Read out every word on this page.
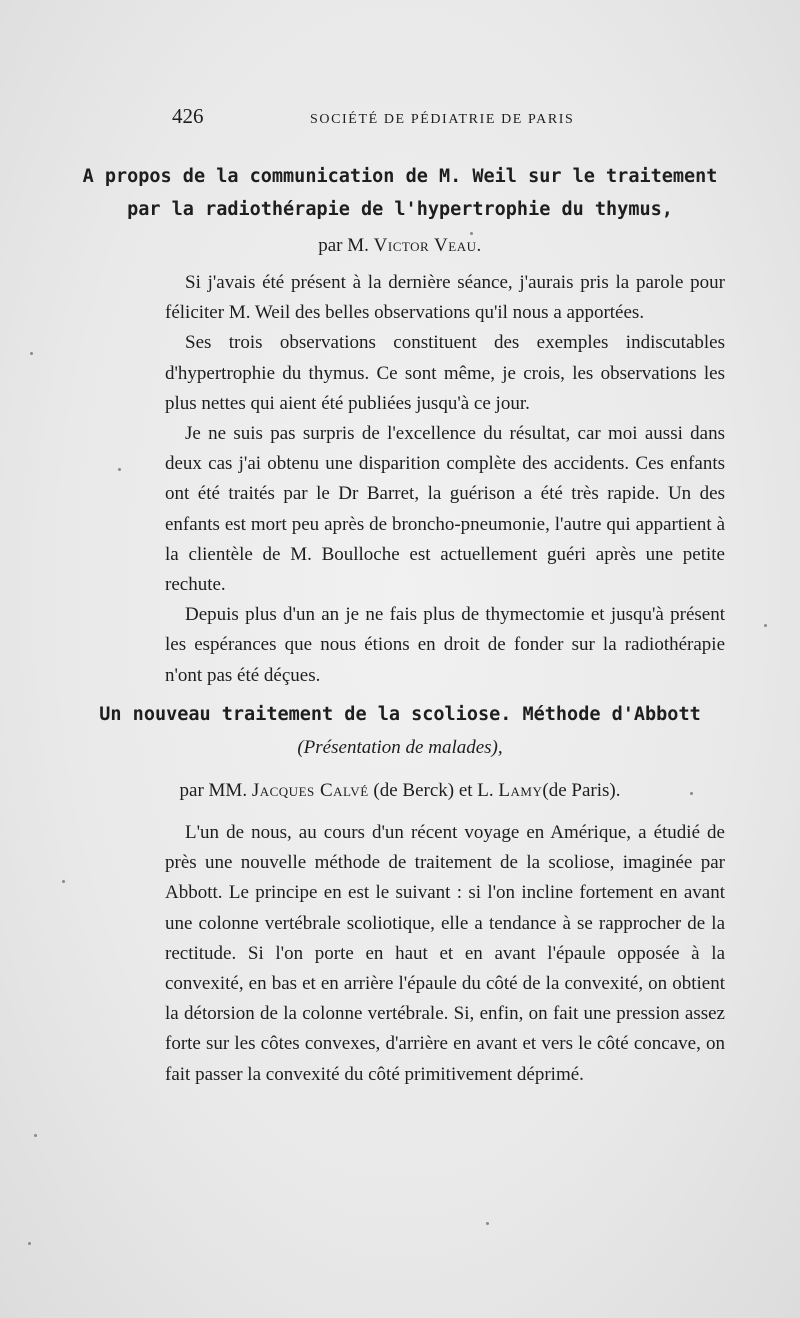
426	SOCIÉTÉ DE PÉDIATRIE DE PARIS
A propos de la communication de M. Weil sur le traitement
par la radiothérapie de l'hypertrophie du thymus,
par M. Victor Veau.

Si j'avais été présent à la dernière séance, j'aurais pris la parole pour féliciter M. Weil des belles observations qu'il nous a apportées.

Ses trois observations constituent des exemples indiscutables d'hypertrophie du thymus. Ce sont même, je crois, les observations les plus nettes qui aient été publiées jusqu'à ce jour.

Je ne suis pas surpris de l'excellence du résultat, car moi aussi dans deux cas j'ai obtenu une disparition complète des accidents. Ces enfants ont été traités par le Dr Barret, la guérison a été très rapide. Un des enfants est mort peu après de broncho-pneumonie, l'autre qui appartient à la clientèle de M. Boulloche est actuellement guéri après une petite rechute.

Depuis plus d'un an je ne fais plus de thymectomie et jusqu'à présent les espérances que nous étions en droit de fonder sur la radiothérapie n'ont pas été déçues.

Un nouveau traitement de la scoliose. Méthode d'Abbott
(Présentation de malades),
par MM. Jacques Calvé (de Berck) et L. Lamy(de Paris).

L'un de nous, au cours d'un récent voyage en Amérique, a étudié de près une nouvelle méthode de traitement de la scoliose, imaginée par Abbott. Le principe en est le suivant : si l'on incline fortement en avant une colonne vertébrale scoliotique, elle a tendance à se rapprocher de la rectitude. Si l'on porte en haut et en avant l'épaule opposée à la convexité, en bas et en arrière l'épaule du côté de la convexité, on obtient la détorsion de la colonne vertébrale. Si, enfin, on fait une pression assez forte sur les côtes convexes, d'arrière en avant et vers le côté concave, on fait passer la convexité du côté primitivement déprimé.
